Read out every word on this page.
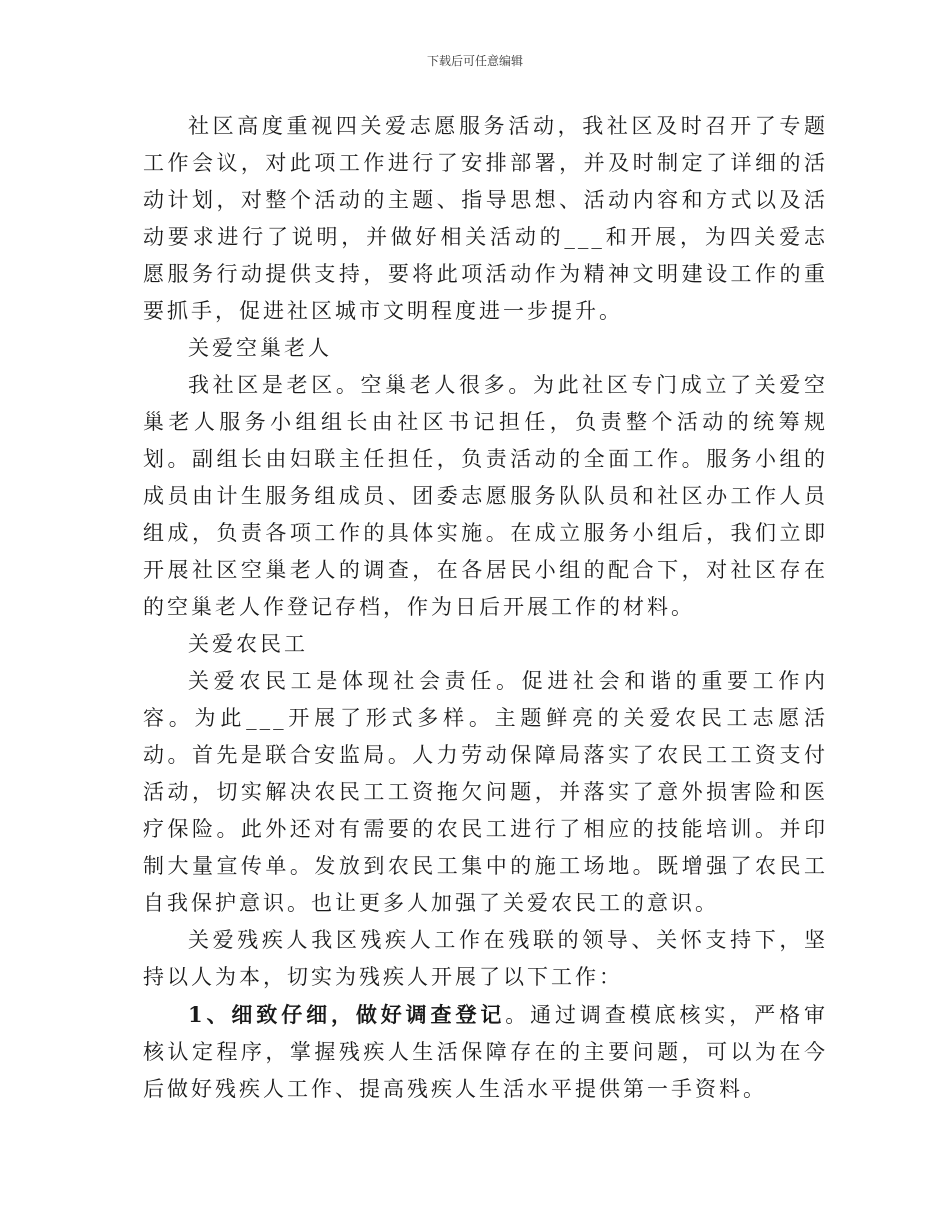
下载后可任意编辑

社区高度重视四关爱志愿服务活动，我社区及时召开了专题工作会议，对此项工作进行了安排部署，并及时制定了详细的活动计划，对整个活动的主题、指导思想、活动内容和方式以及活动要求进行了说明，并做好相关活动的___和开展，为四关爱志愿服务行动提供支持，要将此项活动作为精神文明建设工作的重要抓手，促进社区城市文明程度进一步提升。

关爱空巢老人

我社区是老区。空巢老人很多。为此社区专门成立了关爱空巢老人服务小组组长由社区书记担任，负责整个活动的统筹规划。副组长由妇联主任担任，负责活动的全面工作。服务小组的成员由计生服务组成员、团委志愿服务队队员和社区办工作人员组成，负责各项工作的具体实施。在成立服务小组后，我们立即开展社区空巢老人的调查，在各居民小组的配合下，对社区存在的空巢老人作登记存档，作为日后开展工作的材料。

关爱农民工

关爱农民工是体现社会责任。促进社会和谐的重要工作内容。为此___开展了形式多样。主题鲜亮的关爱农民工志愿活动。首先是联合安监局。人力劳动保障局落实了农民工工资支付活动，切实解决农民工工资拖欠问题，并落实了意外损害险和医疗保险。此外还对有需要的农民工进行了相应的技能培训。并印制大量宣传单。发放到农民工集中的施工场地。既增强了农民工自我保护意识。也让更多人加强了关爱农民工的意识。

关爱残疾人我区残疾人工作在残联的领导、关怀支持下，坚持以人为本，切实为残疾人开展了以下工作：

1、细致仔细，做好调查登记。通过调查模底核实，严格审核认定程序，掌握残疾人生活保障存在的主要问题，可以为在今后做好残疾人工作、提高残疾人生活水平提供第一手资料。
